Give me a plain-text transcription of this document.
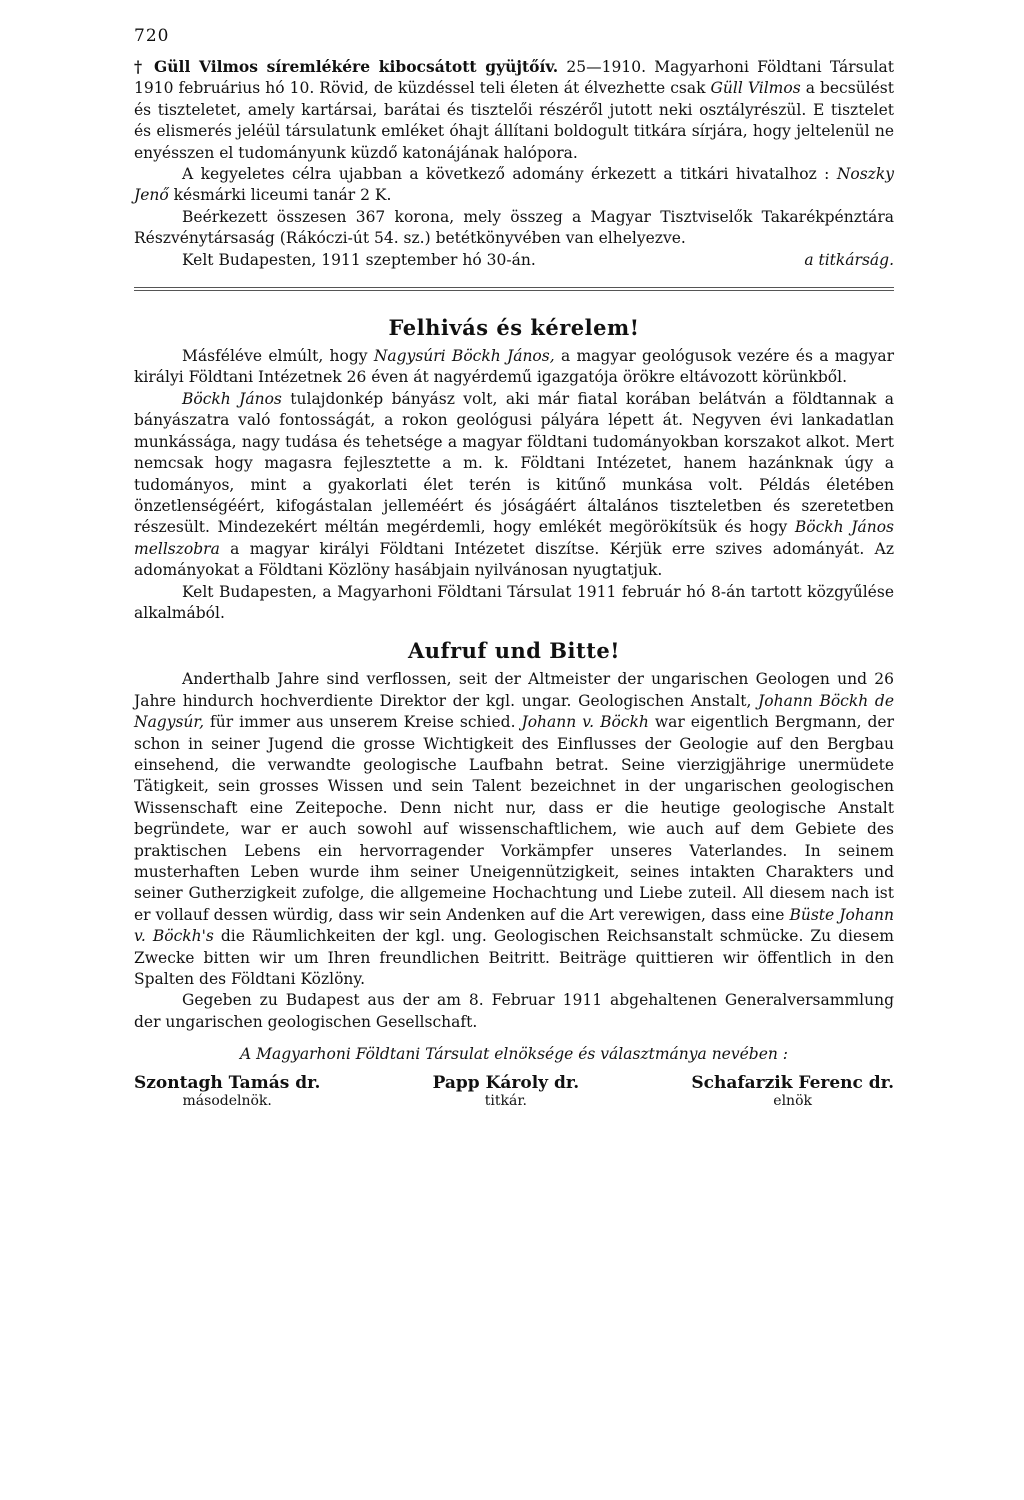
720

† Güll Vilmos síremlékére kibocsátott gyüjtőív. 25—1910. Magyarhoni Földtani Társulat 1910 februárius hó 10. Rövid, de küzdéssel teli életen át élvezhette csak Güll Vilmos a becsülést és tiszteletet, amely kartársai, barátai és tisztelői részéről jutott neki osztályrészül. E tisztelet és elismerés jeléül társulatunk emléket óhajt állítani boldogult titkára sírjára, hogy jeltelenül ne enyésszen el tudományunk küzdő katonájának halópora.

A kegyeletes célra ujabban a következő adomány érkezett a titkári hivatalhoz : Noszky Jenő késmárki liceumi tanár 2 K.

Beérkezett összesen 367 korona, mely összeg a Magyar Tisztviselők Takarékpénztára Részvénytársaság (Rákóczi-út 54. sz.) betétkönyvében van elhelyezve.

Kelt Budapesten, 1911 szeptember hó 30-án.	a titkárság.
Felhivás és kérelem!

Másféléve elmúlt, hogy Nagysúri Böckh János, a magyar geológusok vezére és a magyar királyi Földtani Intézetnek 26 éven át nagyérdemű igazgatója örökre eltávozott körünkből.

Böckh János tulajdonkép bányász volt, aki már fiatal korában belátván a földtannak a bányászatra való fontosságát, a rokon geológusi pályára lépett át. Negyven évi lankadatlan munkássága, nagy tudása és tehetsége a magyar földtani tudományokban korszakot alkot. Mert nemcsak hogy magasra fejlesztette a m. k. Földtani Intézetet, hanem hazánknak úgy a tudományos, mint a gyakorlati élet terén is kitűnő munkása volt. Példás életében önzetlenségéért, kifogástalan jelleméért és jóságáért általános tiszteletben és szeretetben részesült. Mindezekért méltán megérdemli, hogy emlékét megörökítsük és hogy Böckh János mellszobra a magyar királyi Földtani Intézetet diszítse. Kérjük erre szives adományát. Az adományokat a Földtani Közlöny hasábjain nyilvánosan nyugtatjuk.

Kelt Budapesten, a Magyarhoni Földtani Társulat 1911 február hó 8-án tartott közgyűlése alkalmából.

Aufruf und Bitte!

Anderthalb Jahre sind verflossen, seit der Altmeister der ungarischen Geologen und 26 Jahre hindurch hochverdiente Direktor der kgl. ungar. Geologischen Anstalt, Johann Böckh de Nagysúr, für immer aus unserem Kreise schied. Johann v. Böckh war eigentlich Bergmann, der schon in seiner Jugend die grosse Wichtigkeit des Einflusses der Geologie auf den Bergbau einsehend, die verwandte geologische Laufbahn betrat. Seine vierzigjährige unermüdete Tätigkeit, sein grosses Wissen und sein Talent bezeichnet in der ungarischen geologischen Wissenschaft eine Zeitepoche. Denn nicht nur, dass er die heutige geologische Anstalt begründete, war er auch sowohl auf wissenschaftlichem, wie auch auf dem Gebiete des praktischen Lebens ein hervorragender Vorkämpfer unseres Vaterlandes. In seinem musterhaften Leben wurde ihm seiner Uneigennützigkeit, seines intakten Charakters und seiner Gutherzigkeit zufolge, die allgemeine Hochachtung und Liebe zuteil. All diesem nach ist er vollauf dessen würdig, dass wir sein Andenken auf die Art verewigen, dass eine Büste Johann v. Böckh's die Räumlichkeiten der kgl. ung. Geologischen Reichsanstalt schmücke. Zu diesem Zwecke bitten wir um Ihren freundlichen Beitritt. Beiträge quittieren wir öffentlich in den Spalten des Földtani Közlöny.

Gegeben zu Budapest aus der am 8. Februar 1911 abgehaltenen Generalversammlung der ungarischen geologischen Gesellschaft.

A Magyarhoni Földtani Társulat elnöksége és választmánya nevében :
Szontagh Tamás dr.
másodelnök.
Papp Károly dr.
titkár.
Schafarzik Ferenc dr.
elnök
